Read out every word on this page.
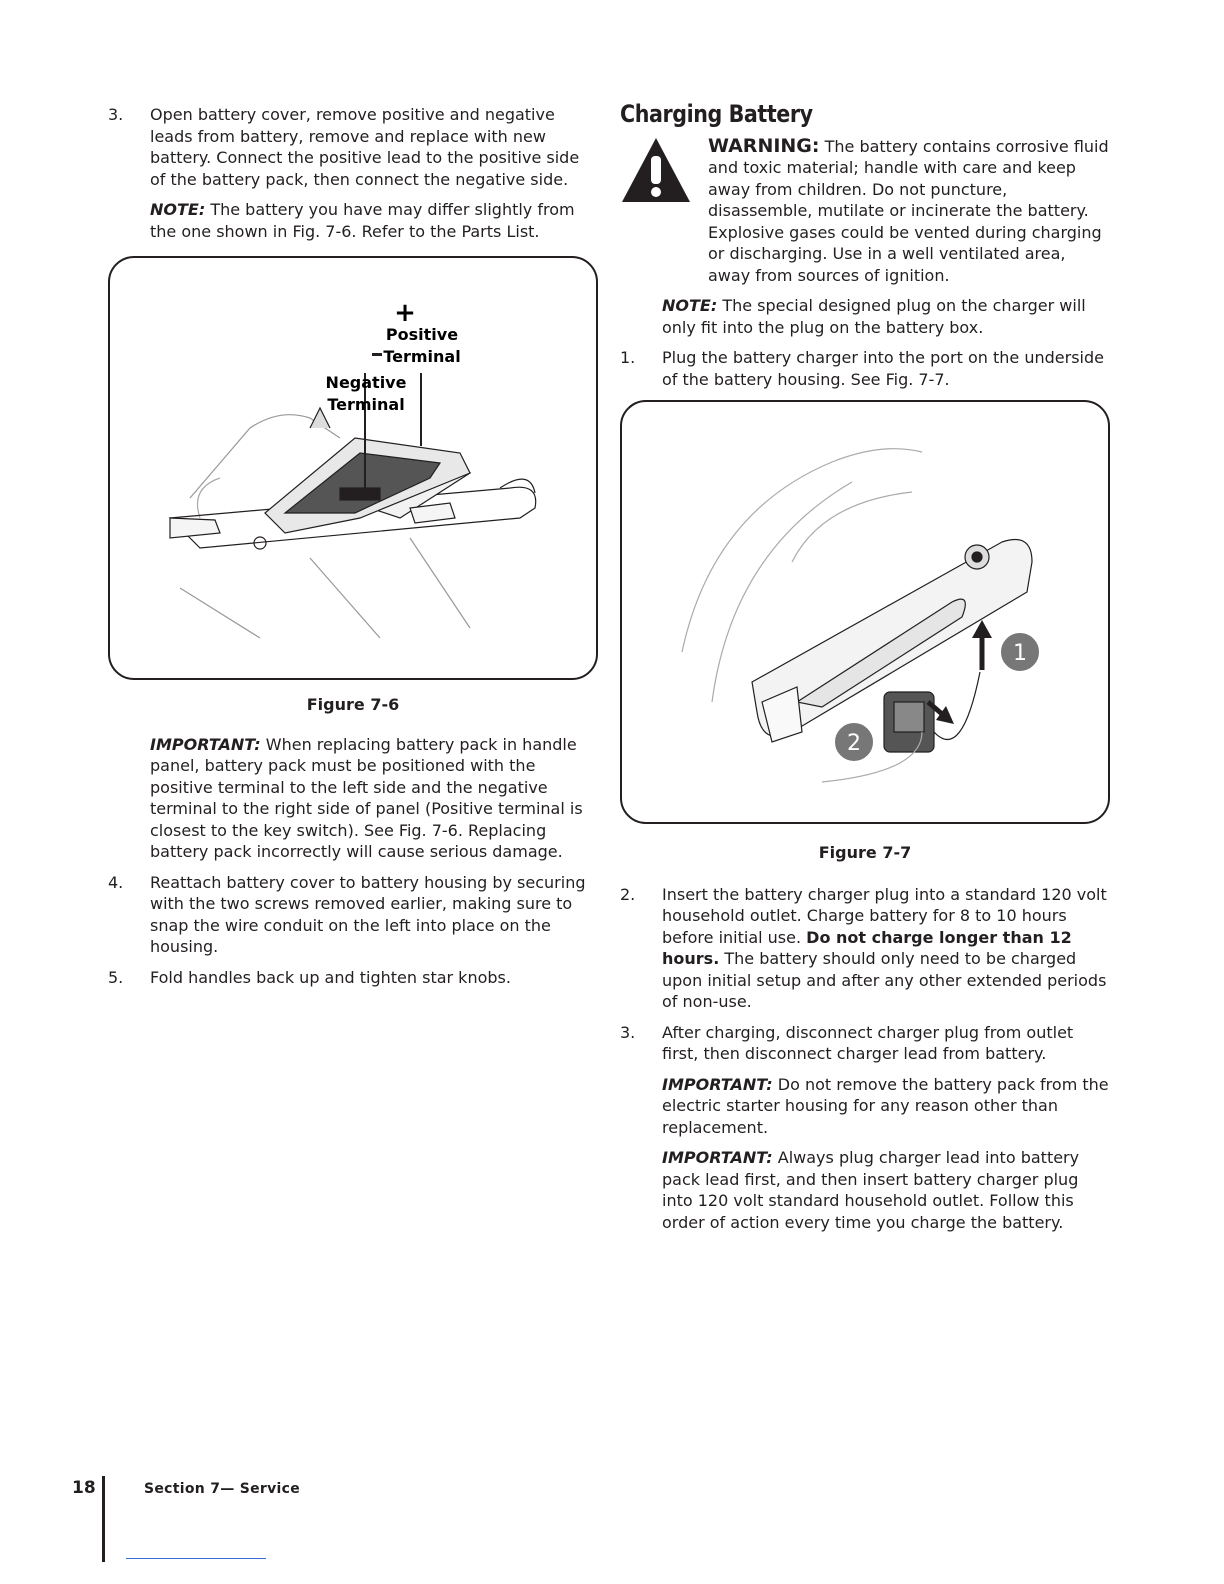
3. Open battery cover, remove positive and negative leads from battery, remove and replace with new battery. Connect the positive lead to the positive side of the battery pack, then connect the negative side.

NOTE: The battery you have may differ slightly from the one shown in Fig. 7-6. Refer to the Parts List.

+
Positive
Terminal
Negative
Terminal
Figure 7-6

IMPORTANT: When replacing battery pack in handle panel, battery pack must be positioned with the positive terminal to the left side and the negative terminal to the right side of panel (Positive terminal is closest to the key switch). See Fig. 7-6. Replacing battery pack incorrectly will cause serious damage.

4. Reattach battery cover to battery housing by securing with the two screws removed earlier, making sure to snap the wire conduit on the left into place on the housing.
5. Fold handles back up and tighten star knobs.
Charging Battery
WARNING: The battery contains corrosive fluid and toxic material; handle with care and keep away from children. Do not puncture, disassemble, mutilate or incinerate the battery. Explosive gases could be vented during charging or discharging. Use in a well ventilated area, away from sources of ignition.

NOTE: The special designed plug on the charger will only fit into the plug on the battery box.

1. Plug the battery charger into the port on the underside of the battery housing. See Fig. 7-7.
1
2
Figure 7-7
2. Insert the battery charger plug into a standard 120 volt household outlet. Charge battery for 8 to 10 hours before initial use. Do not charge longer than 12 hours. The battery should only need to be charged upon initial setup and after any other extended periods of non-use.
3. After charging, disconnect charger plug from outlet first, then disconnect charger lead from battery.

IMPORTANT: Do not remove the battery pack from the electric starter housing for any reason other than replacement.

IMPORTANT: Always plug charger lead into battery pack lead first, and then insert battery charger plug into 120 volt standard household outlet. Follow this order of action every time you charge the battery.

18	Section 7— Service
